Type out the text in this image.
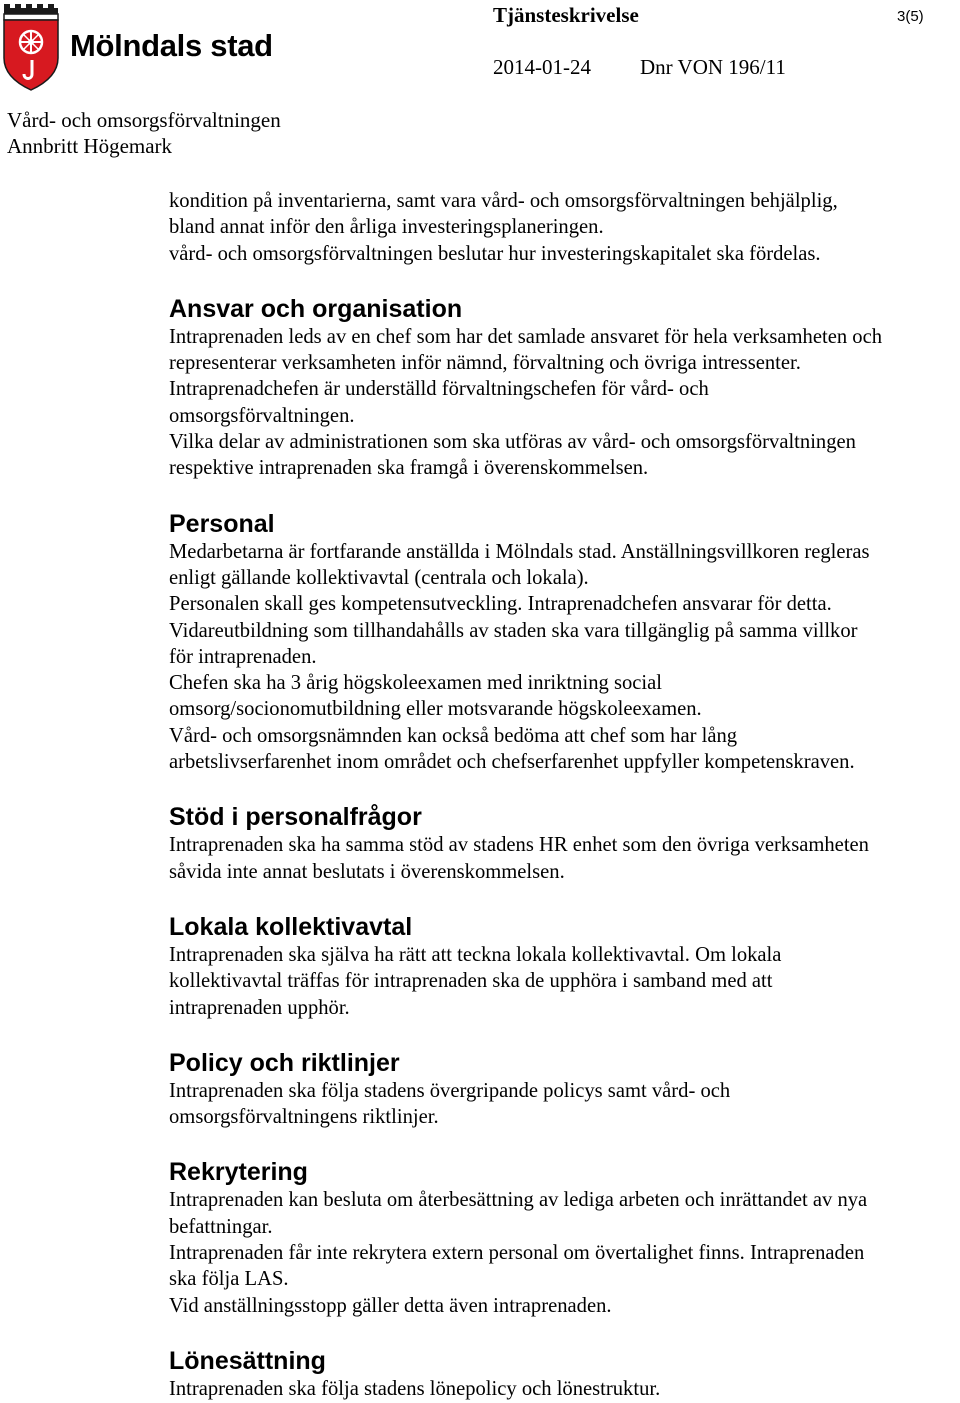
Mölndals stad
Tjänsteskrivelse	3(5)
2014-01-24 Dnr VON 196/11
Vård- och omsorgsförvaltningen
Annbritt Högemark

kondition på inventarierna, samt vara vård- och omsorgsförvaltningen behjälplig,

bland annat inför den årliga investeringsplaneringen.

vård- och omsorgsförvaltningen beslutar hur investeringskapitalet ska fördelas.

Ansvar och organisation

Intraprenaden leds av en chef som har det samlade ansvaret för hela verksamheten och

representerar verksamheten inför nämnd, förvaltning och övriga intressenter.

Intraprenadchefen är underställd förvaltningschefen för vård- och

omsorgsförvaltningen.

Vilka delar av administrationen som ska utföras av vård- och omsorgsförvaltningen

respektive intraprenaden ska framgå i överenskommelsen.

Personal

Medarbetarna är fortfarande anställda i Mölndals stad. Anställningsvillkoren regleras

enligt gällande kollektivavtal (centrala och lokala).

Personalen skall ges kompetensutveckling. Intraprenadchefen ansvarar för detta.

Vidareutbildning som tillhandahålls av staden ska vara tillgänglig på samma villkor

för intraprenaden.

Chefen ska ha 3 årig högskoleexamen med inriktning social

omsorg/socionomutbildning eller motsvarande högskoleexamen.

Vård- och omsorgsnämnden kan också bedöma att chef som har lång

arbetslivserfarenhet inom området och chefserfarenhet uppfyller kompetenskraven.

Stöd i personalfrågor

Intraprenaden ska ha samma stöd av stadens HR enhet som den övriga verksamheten

såvida inte annat beslutats i överenskommelsen.

Lokala kollektivavtal

Intraprenaden ska själva ha rätt att teckna lokala kollektivavtal. Om lokala

kollektivavtal träffas för intraprenaden ska de upphöra i samband med att

intraprenaden upphör.

Policy och riktlinjer

Intraprenaden ska följa stadens övergripande policys samt vård- och

omsorgsförvaltningens riktlinjer.

Rekrytering

Intraprenaden kan besluta om återbesättning av lediga arbeten och inrättandet av nya

befattningar.

Intraprenaden får inte rekrytera extern personal om övertalighet finns. Intraprenaden

ska följa LAS.

Vid anställningsstopp gäller detta även intraprenaden.

Lönesättning

Intraprenaden ska följa stadens lönepolicy och lönestruktur.
